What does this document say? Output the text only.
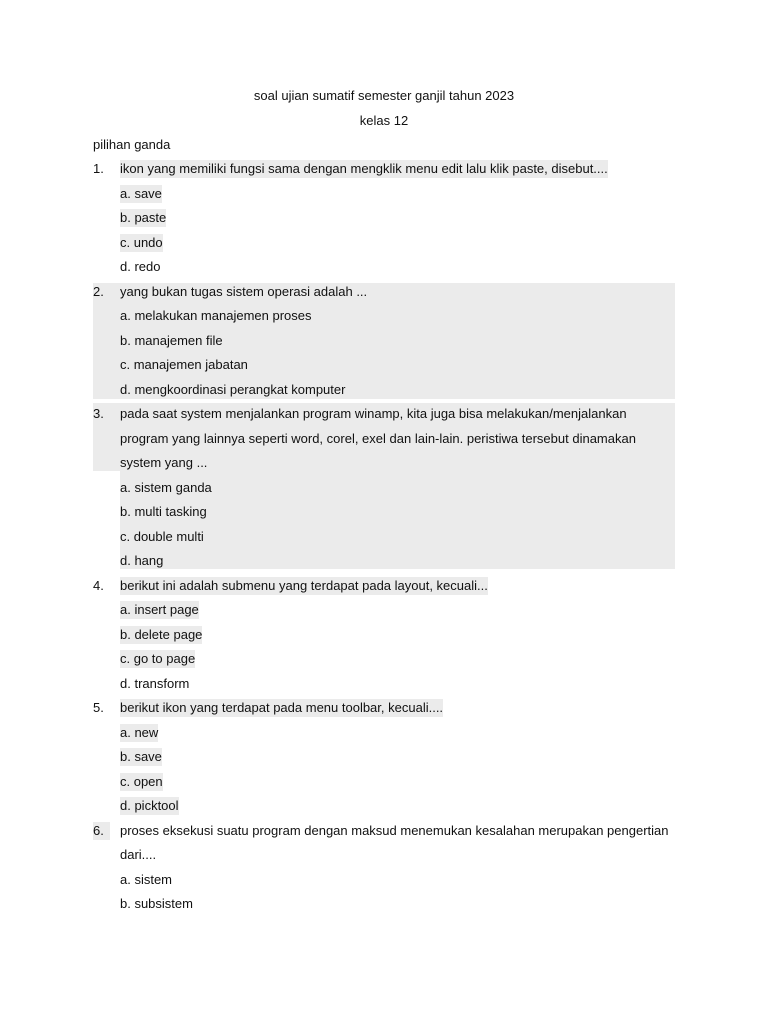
soal ujian sumatif semester ganjil tahun 2023
kelas 12
pilihan ganda
1. ikon yang memiliki fungsi sama dengan mengklik menu edit lalu klik paste, disebut....
a. save
b. paste
c. undo
d. redo
2. yang bukan tugas sistem operasi adalah ...
a. melakukan manajemen proses
b. manajemen file
c. manajemen jabatan
d. mengkoordinasi perangkat komputer
3. pada saat system menjalankan program winamp, kita juga bisa melakukan/menjalankan
program yang lainnya seperti word, corel, exel dan lain-lain. peristiwa tersebut dinamakan
system yang ...
a. sistem ganda
b. multi tasking
c. double multi
d. hang
4. berikut ini adalah submenu yang terdapat pada layout, kecuali...
a. insert page
b. delete page
c. go to page
d. transform
5. berikut ikon yang terdapat pada menu toolbar, kecuali....
a. new
b. save
c. open
d. picktool
6.	proses eksekusi suatu program dengan maksud menemukan kesalahan merupakan pengertian
dari....
a. sistem
b. subsistem
